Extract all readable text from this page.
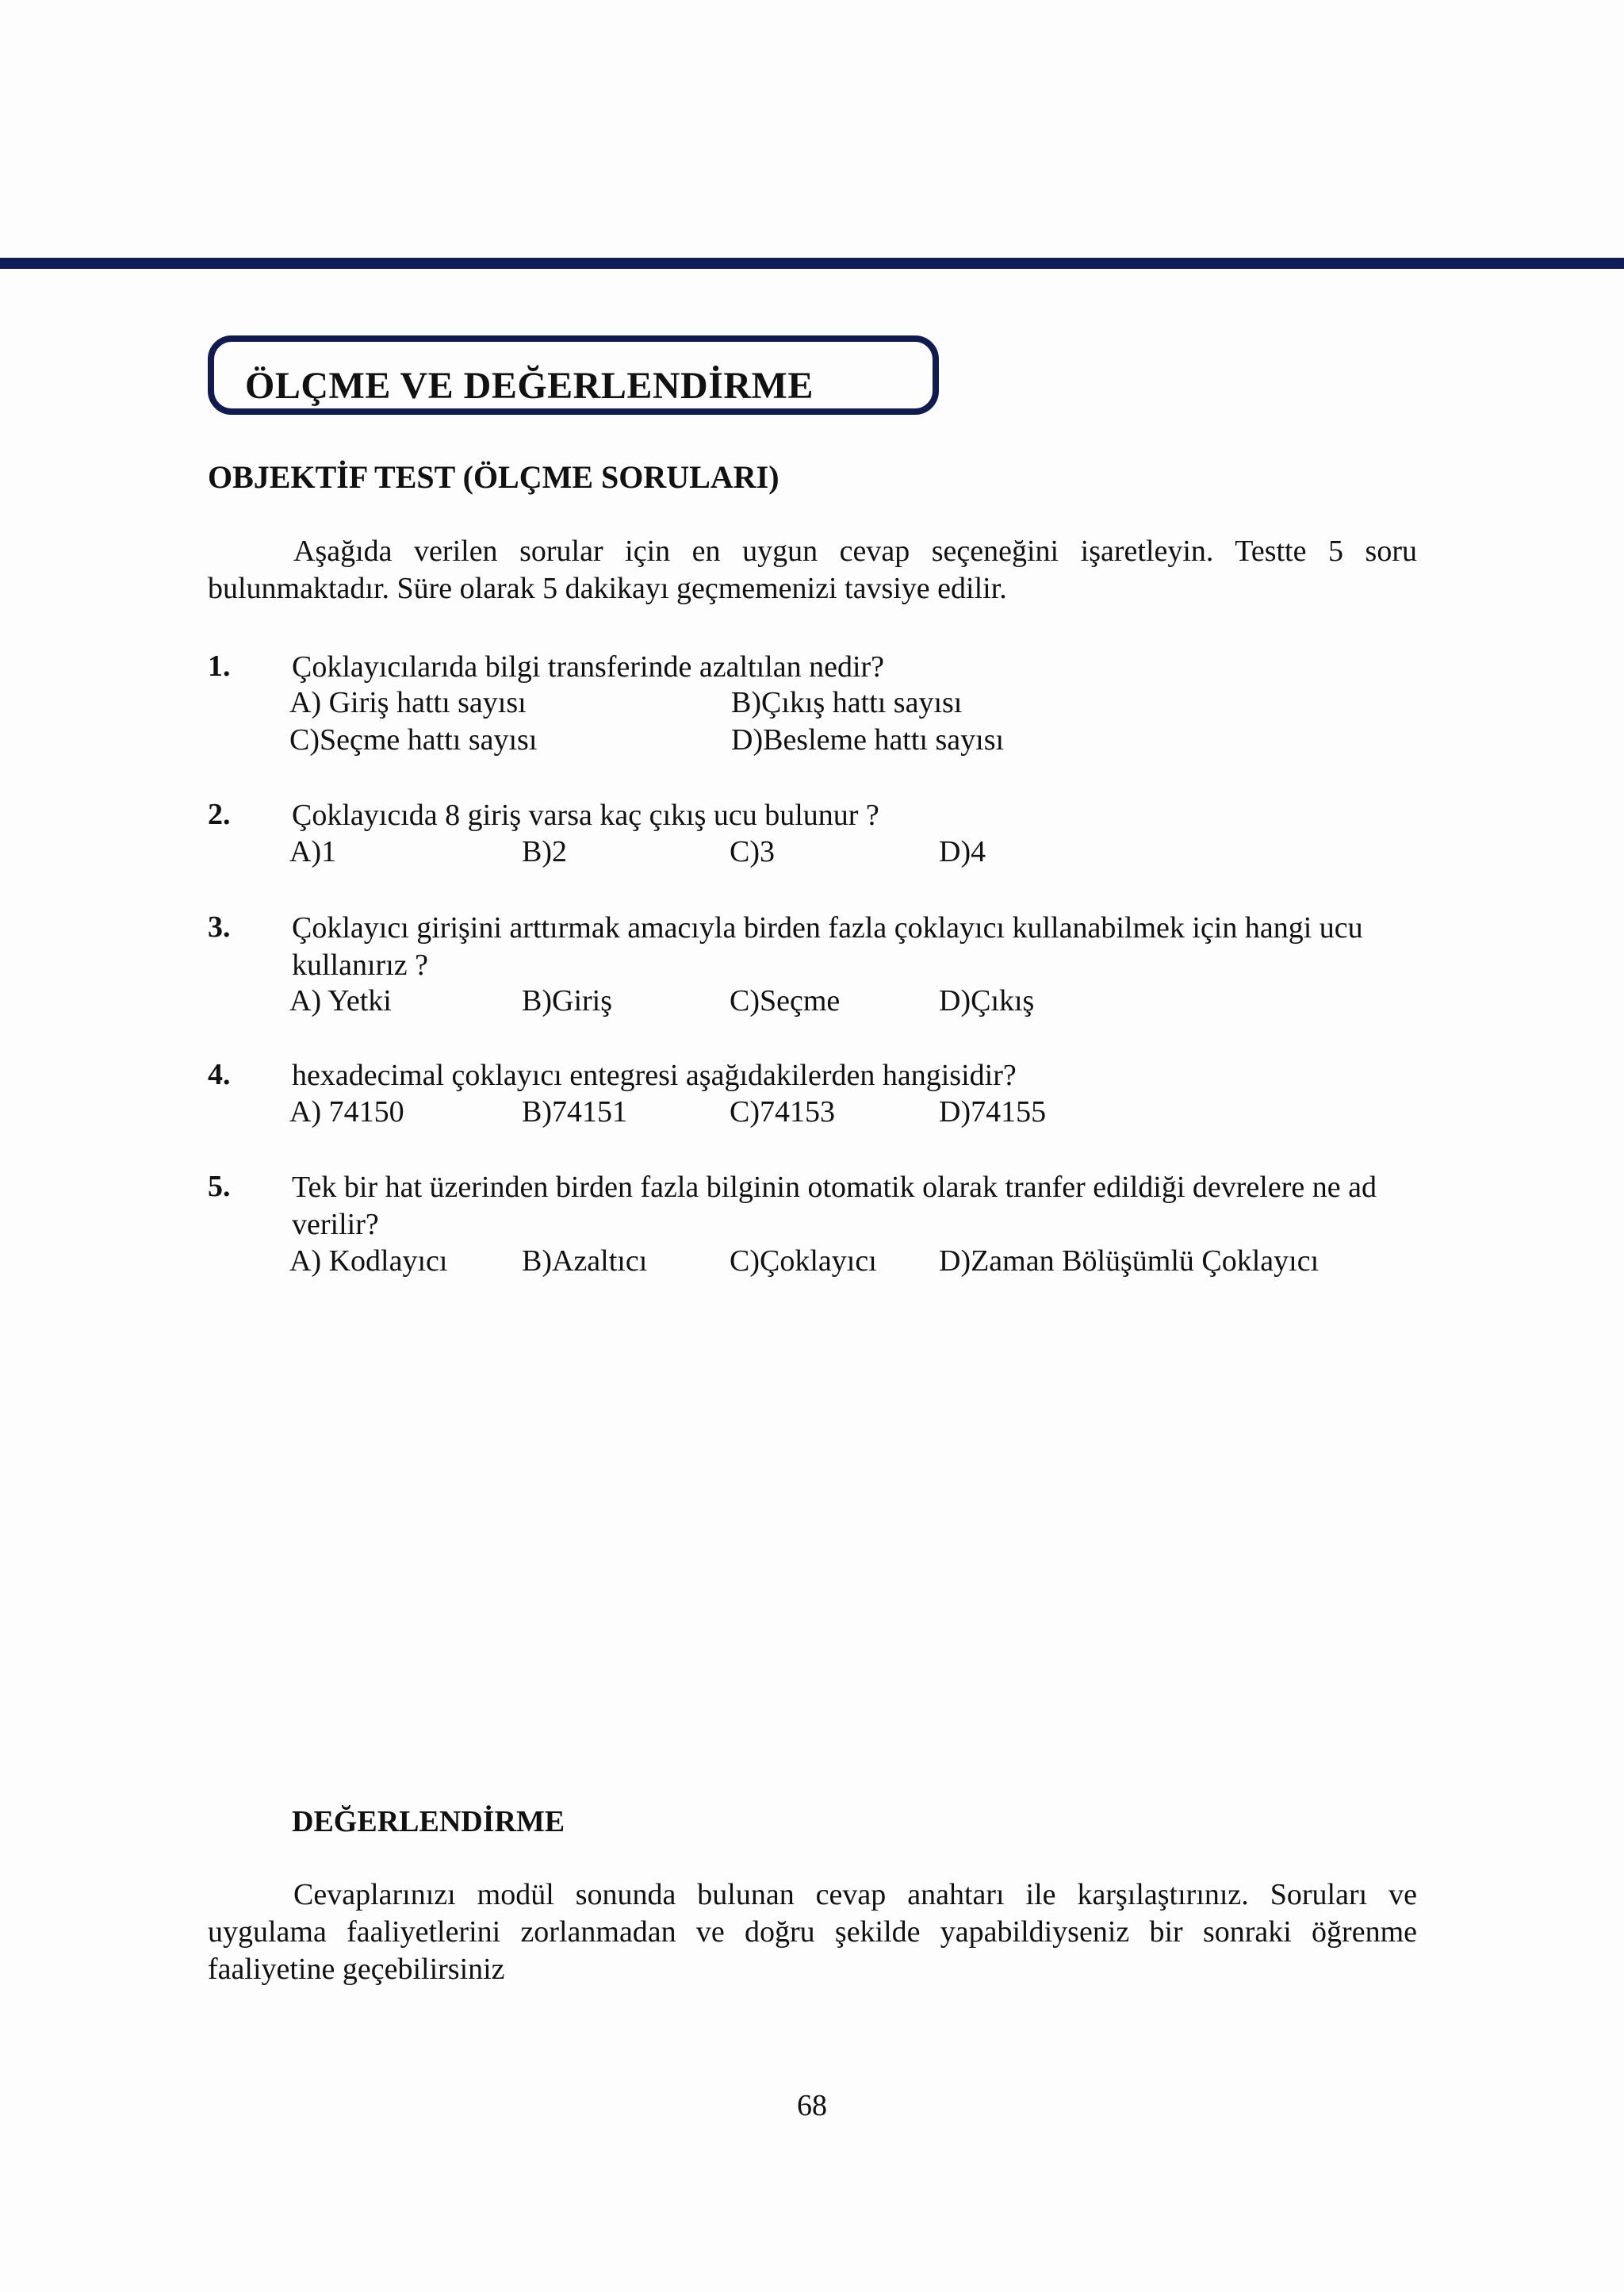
ÖLÇME VE DEĞERLENDİRME
OBJEKTİF TEST (ÖLÇME SORULARI)
Aşağıda verilen sorular için en uygun cevap seçeneğini işaretleyin. Testte 5 soru bulunmaktadır. Süre olarak 5 dakikayı geçmemenizi tavsiye edilir.
1. Çoklayıcılarıda bilgi transferinde azaltılan nedir?
A) Giriş hattı sayısı	B)Çıkış hattı sayısı
C)Seçme hattı sayısı	D)Besleme hattı sayısı
2. Çoklayıcıda 8 giriş varsa kaç çıkış ucu bulunur ?
A)1	B)2	C)3	D)4
3. Çoklayıcı girişini arttırmak amacıyla birden fazla çoklayıcı kullanabilmek için hangi ucu kullanırız ?
A) Yetki	B)Giriş	C)Seçme	D)Çıkış
4. hexadecimal çoklayıcı entegresi aşağıdakilerden hangisidir?
A) 74150	B)74151	C)74153	D)74155
5. Tek bir hat üzerinden birden fazla bilginin otomatik olarak tranfer edildiği devrelere ne ad verilir?
A) Kodlayıcı B)Azaltıcı	C)Çoklayıcı D)Zaman Bölüşümlü Çoklayıcı
DEĞERLENDİRME
Cevaplarınızı modül sonunda bulunan cevap anahtarı ile karşılaştırınız. Soruları ve uygulama faaliyetlerini zorlanmadan ve doğru şekilde yapabildiyseniz bir sonraki öğrenme faaliyetine geçebilirsiniz
68
